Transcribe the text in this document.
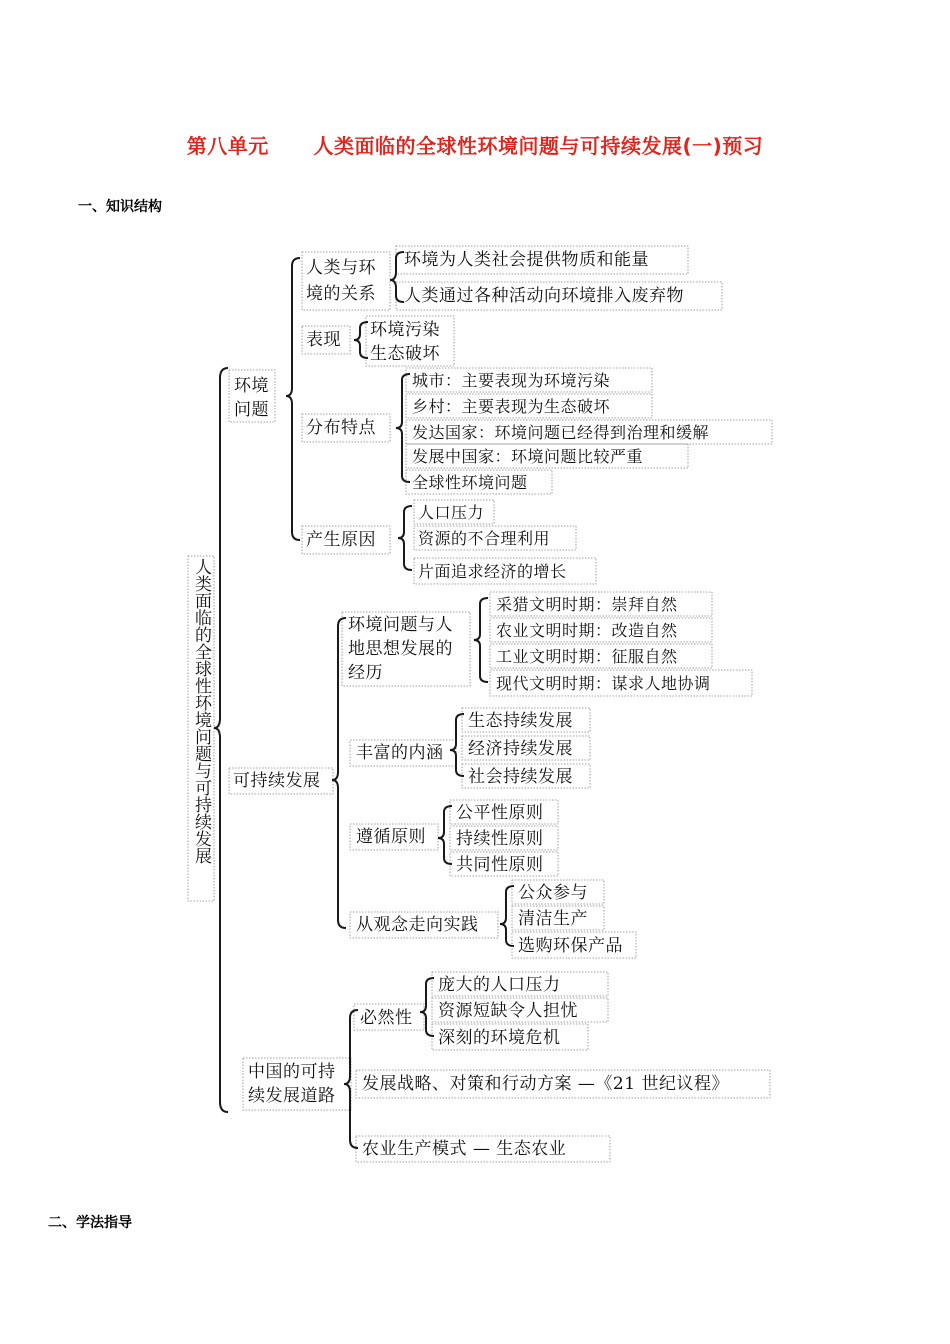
第八单元      人类面临的全球性环境问题与可持续发展(一)预习
一、知识结构
二、学法指导
人类面临的全球性环境问题与可持续发展
环境问题
人类与环
境的关系
环境为人类社会提供物质和能量
人类通过各种活动向环境排入废弃物
表现 环境污染
生态破坏
分布特点
城市：主要表现为环境污染
乡村：主要表现为生态破坏
发达国家：环境问题已经得到治理和缓解
发展中国家：环境问题比较严重
全球性环境问题
产生原因
人口压力
资源的不合理利用
片面追求经济的增长
可持续发展
环境问题与人
地思想发展的
经历
采猎文明时期：崇拜自然
农业文明时期：改造自然
工业文明时期：征服自然
现代文明时期：谋求人地协调
丰富的内涵
生态持续发展
经济持续发展
社会持续发展
遵循原则
公平性原则
持续性原则
共同性原则
从观念走向实践
公众参与
清洁生产
选购环保产品
中国的可持
续发展道路
必然性
庞大的人口压力
资源短缺令人担忧
深刻的环境危机
发展战略、对策和行动方案 —《21 世纪议程》
农业生产模式 — 生态农业
